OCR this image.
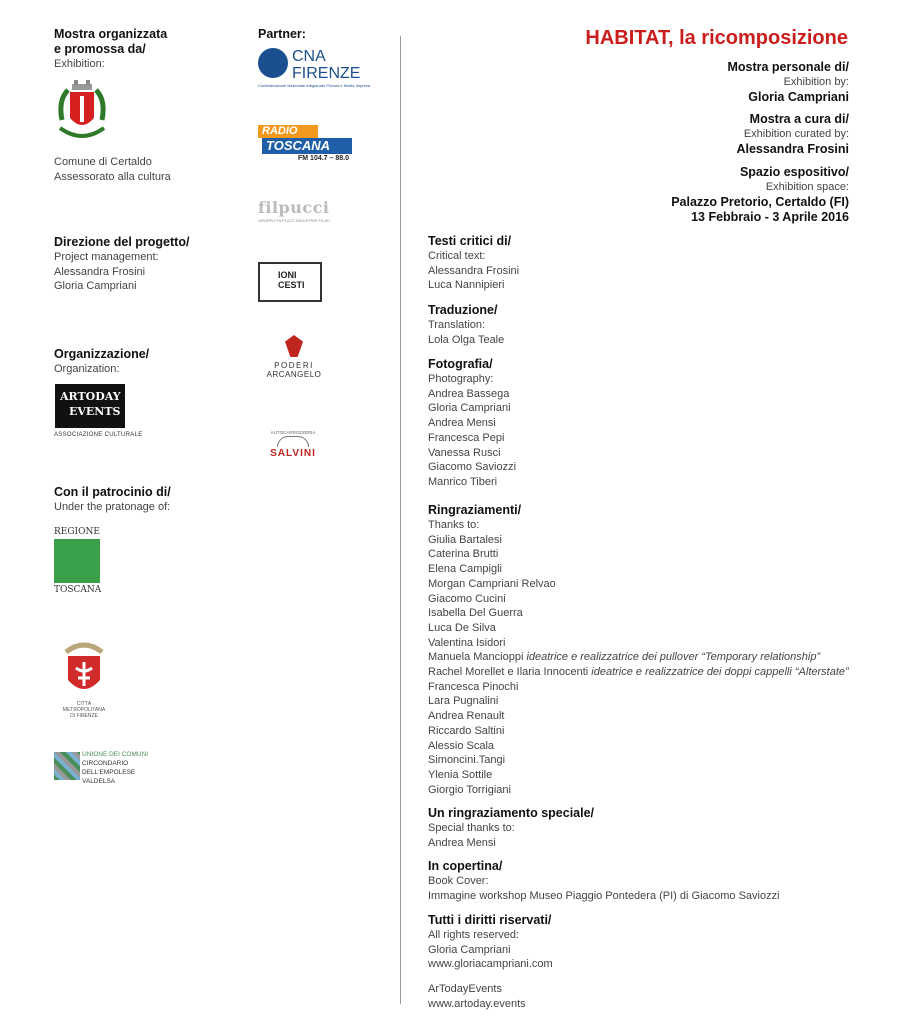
Mostra organizzata
e promossa da/
Exhibition:
Comune di Certaldo
Assessorato alla cultura
Direzione del progetto/
Project management:
Alessandra Frosini
Gloria Campriani
Organizzazione/
Organization:
ARTODAY
EVENTS
ASSOCIAZIONE CULTURALE
Con il patrocinio di/
Under the pratonage of:
REGIONE
TOSCANA
CITTÀ METROPOLITANA
DI FIRENZE
UNIONE DEI COMUNI
CIRCONDARIO
DELL'EMPOLESE VALDELSA
Partner:
CNA
FIRENZE
Confederazione Nazionale Artigianato Piccola e Media Impresa
RADIO
TOSCANA
FM 104.7 – 88.0
filpucci
GRUPPO FILPUCCI INDUSTRIE FILATI
IONI
CESTI
PODERI
ARCANGELO
AUTOCARROZZERIA
SALVINI
HABITAT, la ricomposizione
Mostra personale di/
Exhibition by:
Gloria Campriani
Mostra a cura di/
Exhibition curated by:
Alessandra Frosini
Spazio espositivo/
Exhibition space:
Palazzo Pretorio, Certaldo (FI)
13 Febbraio - 3 Aprile 2016
Testi critici di/
Critical text:
Alessandra Frosini
Luca Nannipieri
Traduzione/
Translation:
Lola Olga Teale
Fotografia/
Photography:
Andrea Bassega
Gloria Campriani
Andrea Mensi
Francesca Pepi
Vanessa Rusci
Giacomo Saviozzi
Manrico Tiberi
Ringraziamenti/
Thanks to:
Giulia Bartalesi
Caterina Brutti
Elena Campigli
Morgan Campriani Relvao
Giacomo Cucini
Isabella Del Guerra
Luca De Silva
Valentina Isidori
Manuela Mancioppi ideatrice e realizzatrice dei pullover “Temporary relationship”
Rachel Morellet e Ilaria Innocenti ideatrice e realizzatrice dei doppi cappelli “Alterstate”
Francesca Pinochi
Lara Pugnalini
Andrea Renault
Riccardo Saltini
Alessio Scala
Simoncini.Tangi
Ylenia Sottile
Giorgio Torrigiani
Un ringraziamento speciale/
Special thanks to:
Andrea Mensi
In copertina/
Book Cover:
Immagine workshop Museo Piaggio Pontedera (PI) di Giacomo Saviozzi
Tutti i diritti riservati/
All rights reserved:
Gloria Campriani
www.gloriacampriani.com
ArTodayEvents
www.artoday.events
